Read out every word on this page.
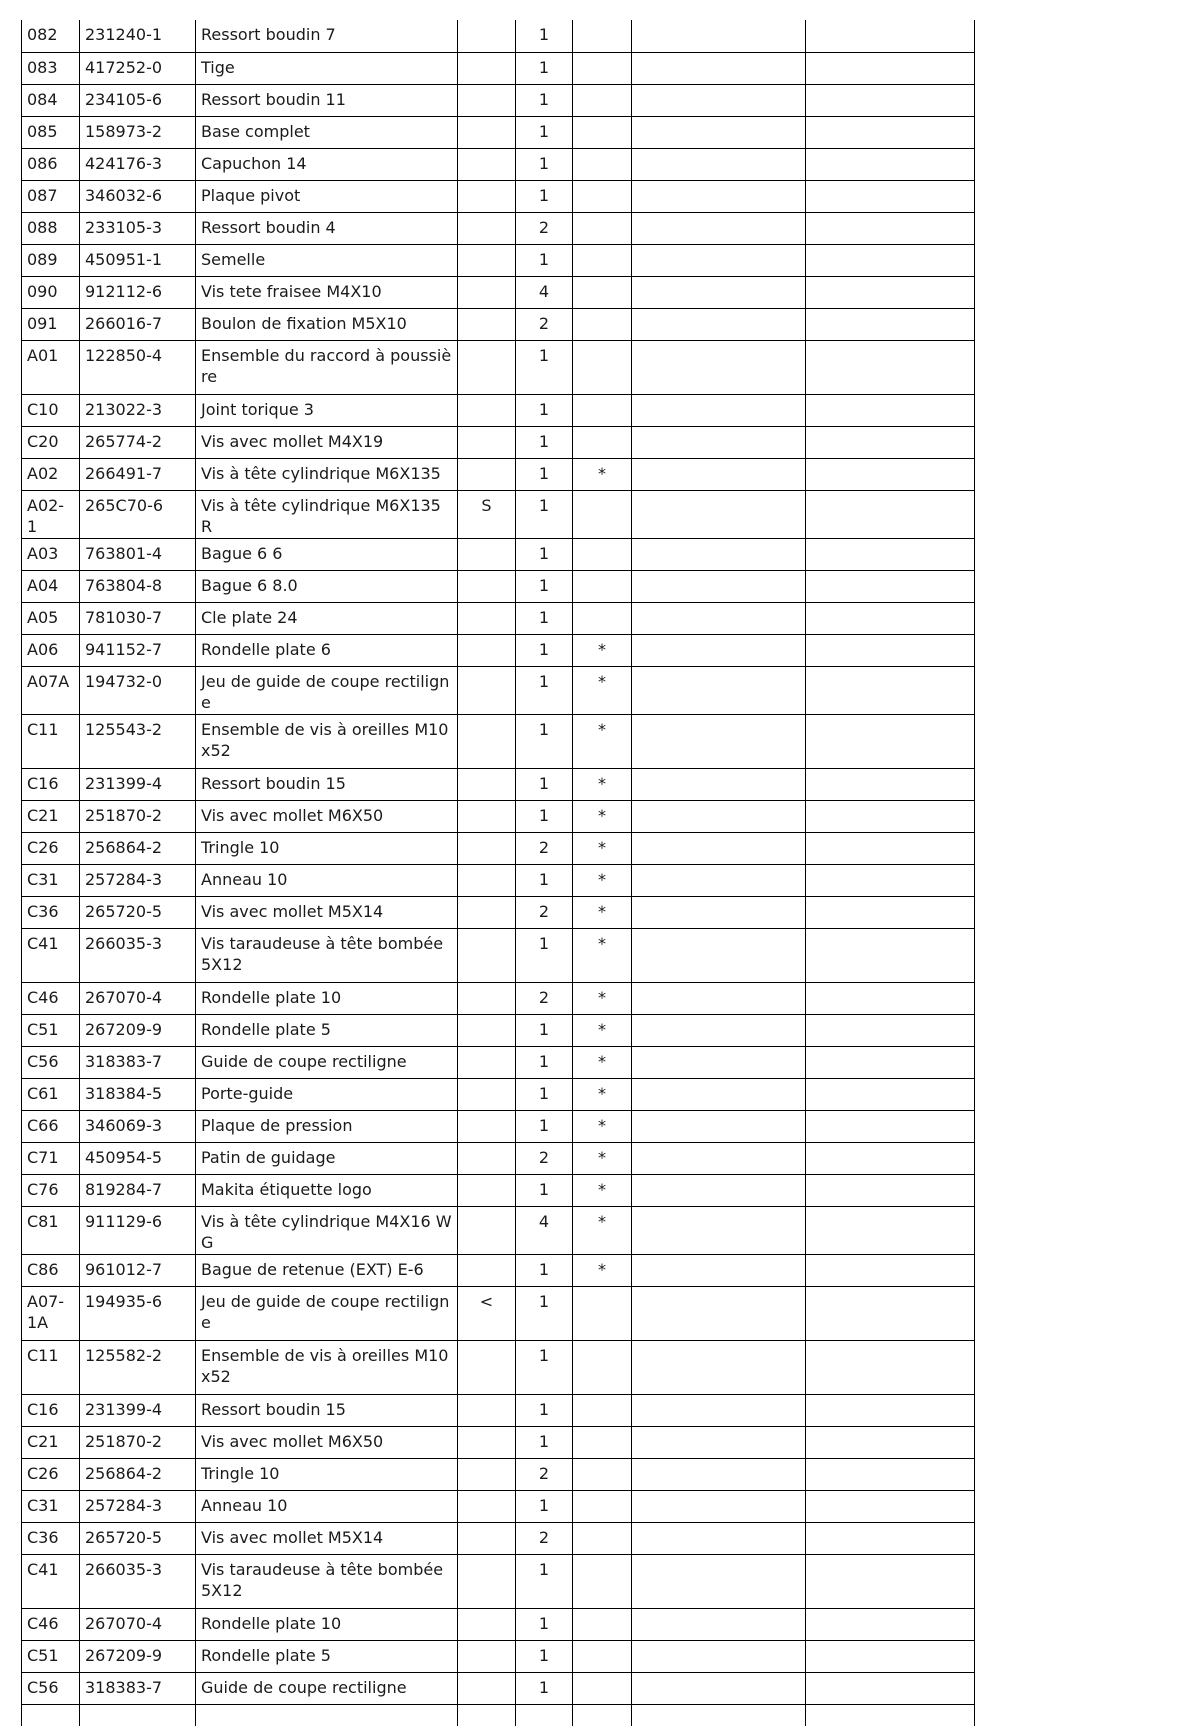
082	231240-1	Ressort boudin 7		1			
083	417252-0	Tige		1			
084	234105-6	Ressort boudin 11		1			
085	158973-2	Base complet		1			
086	424176-3	Capuchon 14		1			
087	346032-6	Plaque pivot		1			
088	233105-3	Ressort boudin 4		2			
089	450951-1	Semelle		1			
090	912112-6	Vis tete fraisee M4X10		4			
091	266016-7	Boulon de fixation M5X10		2			
A01	122850-4	Ensemble du raccord à poussière		1			
C10	213022-3	Joint torique 3		1			
C20	265774-2	Vis avec mollet M4X19		1			
A02	266491-7	Vis à tête cylindrique M6X135		1	*		
A02-1	265C70-6	Vis à tête cylindrique M6X135 R	S	1			
A03	763801-4	Bague 6 6		1			
A04	763804-8	Bague 6 8.0		1			
A05	781030-7	Cle plate 24		1			
A06	941152-7	Rondelle plate 6		1	*		
A07A	194732-0	Jeu de guide de coupe rectiligne		1	*		
C11	125543-2	Ensemble de vis à oreilles M10x52		1	*		
C16	231399-4	Ressort boudin 15		1	*		
C21	251870-2	Vis avec mollet M6X50		1	*		
C26	256864-2	Tringle 10		2	*		
C31	257284-3	Anneau 10		1	*		
C36	265720-5	Vis avec mollet M5X14		2	*		
C41	266035-3	Vis taraudeuse à tête bombée 5X12		1	*		
C46	267070-4	Rondelle plate 10		2	*		
C51	267209-9	Rondelle plate 5		1	*		
C56	318383-7	Guide de coupe rectiligne		1	*		
C61	318384-5	Porte-guide		1	*		
C66	346069-3	Plaque de pression		1	*		
C71	450954-5	Patin de guidage		2	*		
C76	819284-7	Makita étiquette logo		1	*		
C81	911129-6	Vis à tête cylindrique M4X16 WG		4	*		
C86	961012-7	Bague de retenue (EXT) E-6		1	*		
A07-1A	194935-6	Jeu de guide de coupe rectiligne	<	1			
C11	125582-2	Ensemble de vis à oreilles M10x52		1			
C16	231399-4	Ressort boudin 15		1			
C21	251870-2	Vis avec mollet M6X50		1			
C26	256864-2	Tringle 10		2			
C31	257284-3	Anneau 10		1			
C36	265720-5	Vis avec mollet M5X14		2			
C41	266035-3	Vis taraudeuse à tête bombée 5X12		1			
C46	267070-4	Rondelle plate 10		1			
C51	267209-9	Rondelle plate 5		1			
C56	318383-7	Guide de coupe rectiligne		1			
